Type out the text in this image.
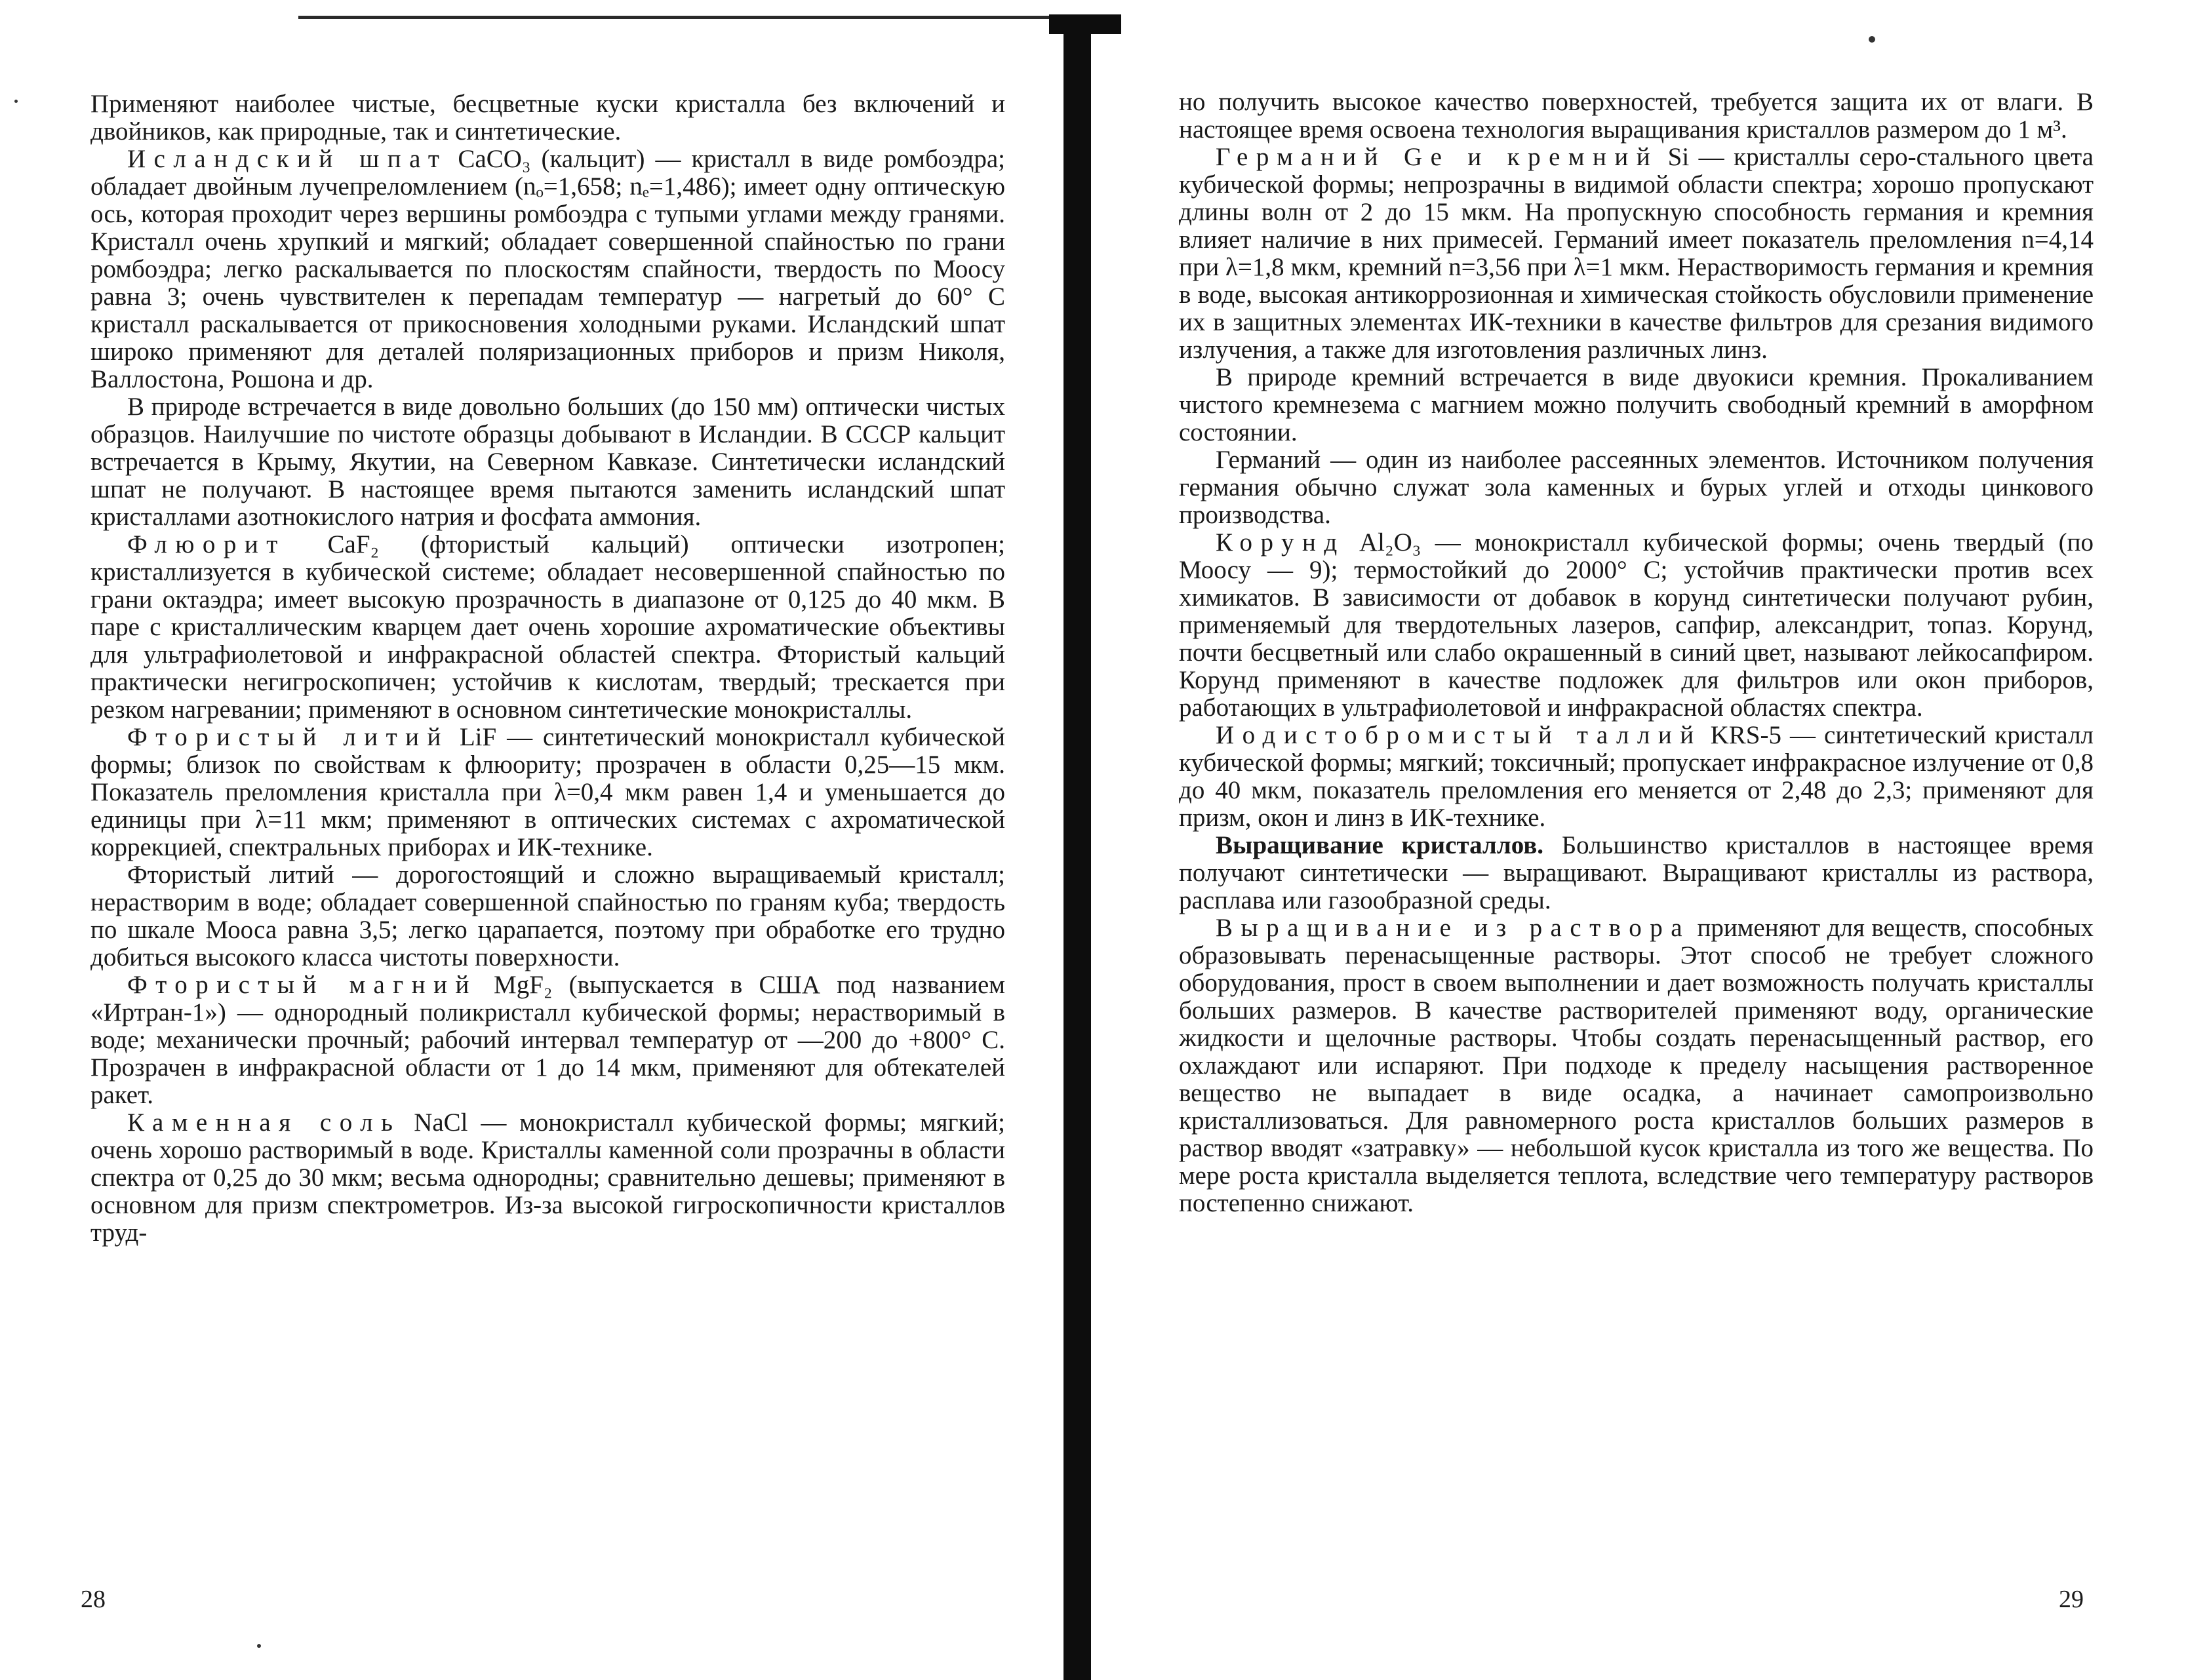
Применяют наиболее чистые, бесцветные куски кристалла без включений и двойников, как природные, так и синтетические.

Исландский шпат CaCO₃ (кальцит) — кристалл в виде ромбоэдра; обладает двойным лучепреломлением (nₒ=1,658; nₑ=1,486); имеет одну оптическую ось, которая проходит через вершины ромбоэдра с тупыми углами между гранями. Кристалл очень хрупкий и мягкий; обладает совершенной спайностью по грани ромбоэдра; легко раскалывается по плоскостям спайности, твердость по Моосу равна 3; очень чувствителен к перепадам температур — нагретый до 60° С кристалл раскалывается от прикосновения холодными руками. Исландский шпат широко применяют для деталей поляризационных приборов и призм Николя, Валлостона, Рошона и др.

В природе встречается в виде довольно больших (до 150 мм) оптически чистых образцов. Наилучшие по чистоте образцы добывают в Исландии. В СССР кальцит встречается в Крыму, Якутии, на Северном Кавказе. Синтетически исландский шпат не получают. В настоящее время пытаются заменить исландский шпат кристаллами азотнокислого натрия и фосфата аммония.

Флюорит CaF₂ (фтористый кальций) оптически изотропен; кристаллизуется в кубической системе; обладает несовершенной спайностью по грани октаэдра; имеет высокую прозрачность в диапазоне от 0,125 до 40 мкм. В паре с кристаллическим кварцем дает очень хорошие ахроматические объективы для ультрафиолетовой и инфракрасной областей спектра. Фтористый кальций практически негигроскопичен; устойчив к кислотам, твердый; трескается при резком нагревании; применяют в основном синтетические монокристаллы.

Фтористый литий LiF — синтетический монокристалл кубической формы; близок по свойствам к флюориту; прозрачен в области 0,25—15 мкм. Показатель преломления кристалла при λ=0,4 мкм равен 1,4 и уменьшается до единицы при λ=11 мкм; применяют в оптических системах с ахроматической коррекцией, спектральных приборах и ИК-технике.

Фтористый литий — дорогостоящий и сложно выращиваемый кристалл; нерастворим в воде; обладает совершенной спайностью по граням куба; твердость по шкале Мооса равна 3,5; легко царапается, поэтому при обработке его трудно добиться высокого класса чистоты поверхности.

Фтористый магний MgF₂ (выпускается в США под названием «Иртран-1») — однородный поликристалл кубической формы; нерастворимый в воде; механически прочный; рабочий интервал температур от —200 до +800° С. Прозрачен в инфракрасной области от 1 до 14 мкм, применяют для обтекателей ракет.

Каменная соль NaCl — монокристалл кубической формы; мягкий; очень хорошо растворимый в воде. Кристаллы каменной соли прозрачны в области спектра от 0,25 до 30 мкм; весьма однородны; сравнительно дешевы; применяют в основном для призм спектрометров. Из-за высокой гигроскопичности кристаллов труд-

28

но получить высокое качество поверхностей, требуется защита их от влаги. В настоящее время освоена технология выращивания кристаллов размером до 1 м³.

Германий Ge и кремний Si — кристаллы серо-стального цвета кубической формы; непрозрачны в видимой области спектра; хорошо пропускают длины волн от 2 до 15 мкм. На пропускную способность германия и кремния влияет наличие в них примесей. Германий имеет показатель преломления n=4,14 при λ=1,8 мкм, кремний n=3,56 при λ=1 мкм. Нерастворимость германия и кремния в воде, высокая антикоррозионная и химическая стойкость обусловили применение их в защитных элементах ИК-техники в качестве фильтров для срезания видимого излучения, а также для изготовления различных линз.

В природе кремний встречается в виде двуокиси кремния. Прокаливанием чистого кремнезема с магнием можно получить свободный кремний в аморфном состоянии.

Германий — один из наиболее рассеянных элементов. Источником получения германия обычно служат зола каменных и бурых углей и отходы цинкового производства.

Корунд Al₂O₃ — монокристалл кубической формы; очень твердый (по Моосу — 9); термостойкий до 2000° С; устойчив практически против всех химикатов. В зависимости от добавок в корунд синтетически получают рубин, применяемый для твердотельных лазеров, сапфир, александрит, топаз. Корунд, почти бесцветный или слабо окрашенный в синий цвет, называют лейкосапфиром. Корунд применяют в качестве подложек для фильтров или окон приборов, работающих в ультрафиолетовой и инфракрасной областях спектра.

Иодистобромистый таллий KRS-5 — синтетический кристалл кубической формы; мягкий; токсичный; пропускает инфракрасное излучение от 0,8 до 40 мкм, показатель преломления его меняется от 2,48 до 2,3; применяют для призм, окон и линз в ИК-технике.

Выращивание кристаллов. Большинство кристаллов в настоящее время получают синтетически — выращивают. Выращивают кристаллы из раствора, расплава или газообразной среды.

Выращивание из раствора применяют для веществ, способных образовывать перенасыщенные растворы. Этот способ не требует сложного оборудования, прост в своем выполнении и дает возможность получать кристаллы больших размеров. В качестве растворителей применяют воду, органические жидкости и щелочные растворы. Чтобы создать перенасыщенный раствор, его охлаждают или испаряют. При подходе к пределу насыщения растворенное вещество не выпадает в виде осадка, а начинает самопроизвольно кристаллизоваться. Для равномерного роста кристаллов больших размеров в раствор вводят «затравку» — небольшой кусок кристалла из того же вещества. По мере роста кристалла выделяется теплота, вследствие чего температуру растворов постепенно снижают.

29
